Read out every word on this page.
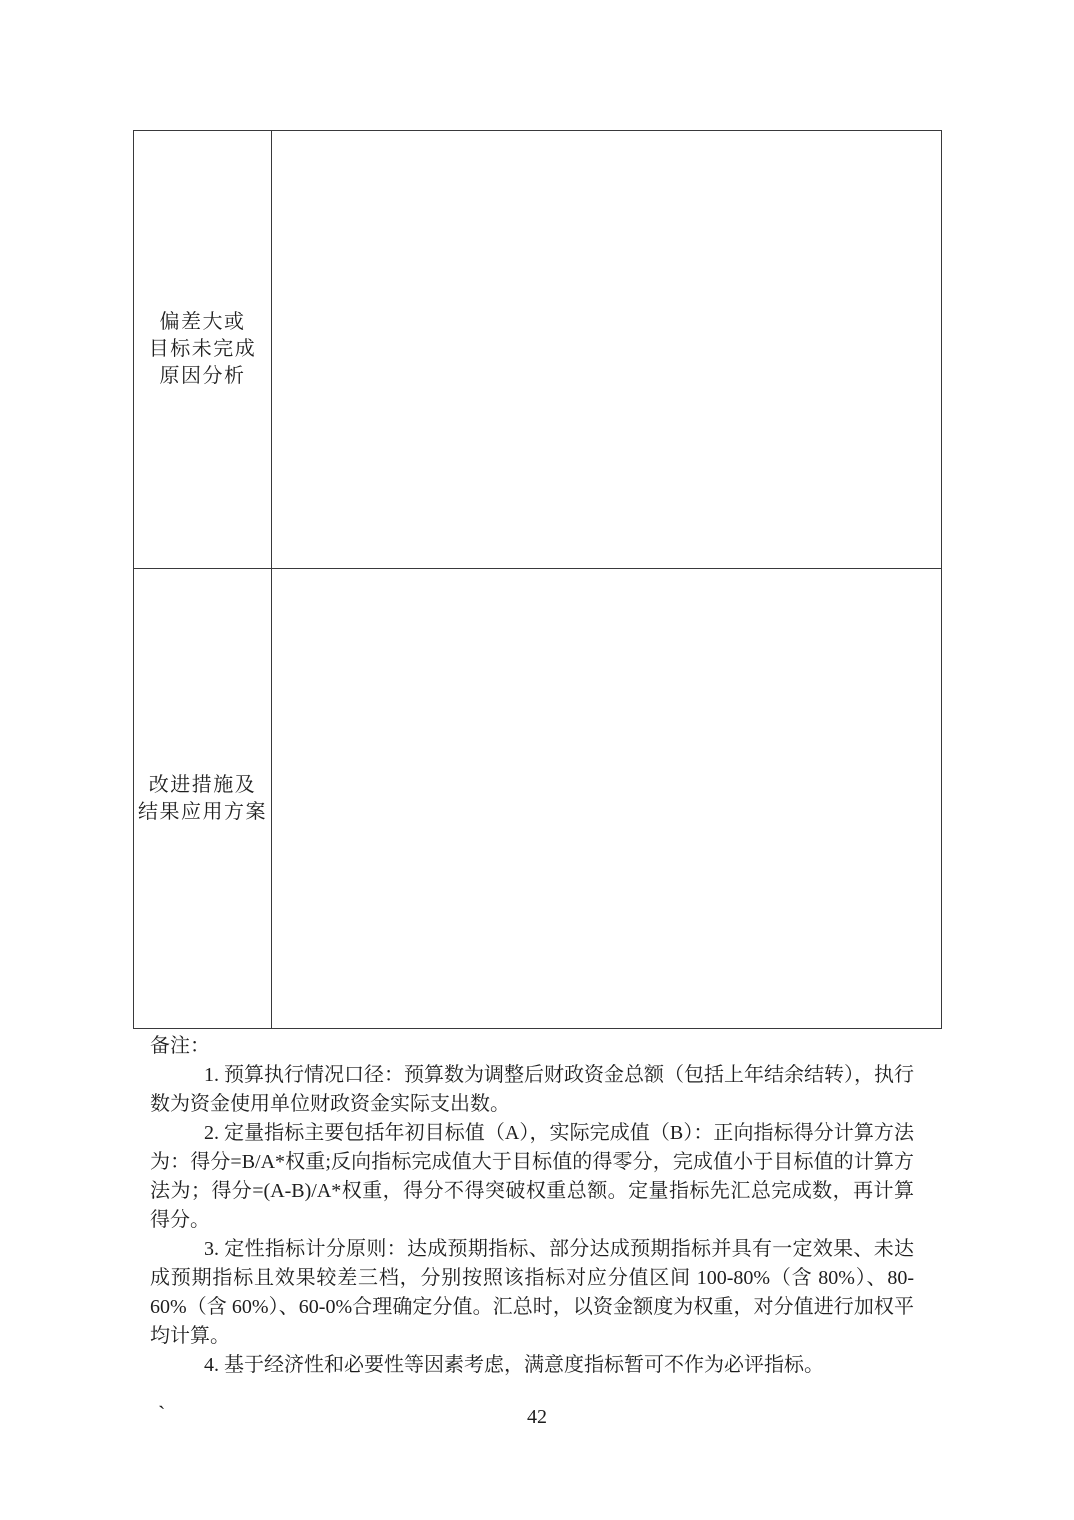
偏差大或
目标未完成
原因分析
改进措施及
结果应用方案

备注：

1. 预算执行情况口径：预算数为调整后财政资金总额（包括上年结余结转），执行数为资金使用单位财政资金实际支出数。

2. 定量指标主要包括年初目标值（A），实际完成值（B）：正向指标得分计算方法为：得分=B/A*权重;反向指标完成值大于目标值的得零分，完成值小于目标值的计算方法为；得分=(A-B)/A*权重，得分不得突破权重总额。定量指标先汇总完成数，再计算得分。

3. 定性指标计分原则：达成预期指标、部分达成预期指标并具有一定效果、未达成预期指标且效果较差三档，分别按照该指标对应分值区间 100-80%（含 80%）、80-60%（含 60%）、60-0%合理确定分值。汇总时，以资金额度为权重，对分值进行加权平均计算。

4. 基于经济性和必要性等因素考虑，满意度指标暂可不作为必评指标。

`	42
